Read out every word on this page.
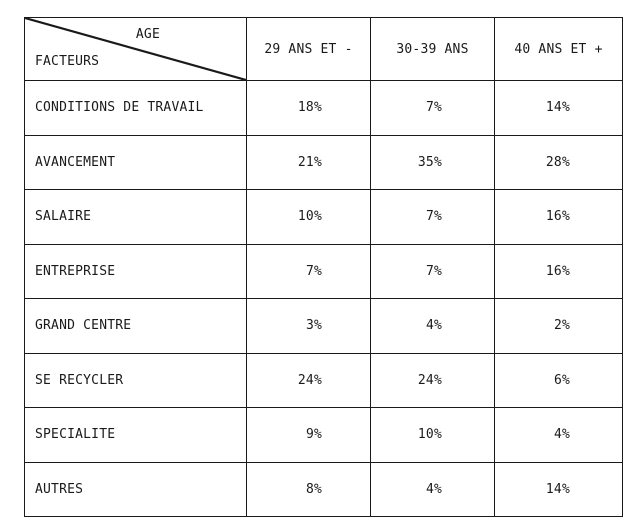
AGE
FACTEURS	29 ANS ET -	30-39 ANS	40 ANS ET +
CONDITIONS DE TRAVAIL	18%	7%	14%
AVANCEMENT	21%	35%	28%
SALAIRE	10%	7%	16%
ENTREPRISE	7%	7%	16%
GRAND CENTRE	3%	4%	2%
SE RECYCLER	24%	24%	6%
SPECIALITE	9%	10%	4%
AUTRES	8%	4%	14%
